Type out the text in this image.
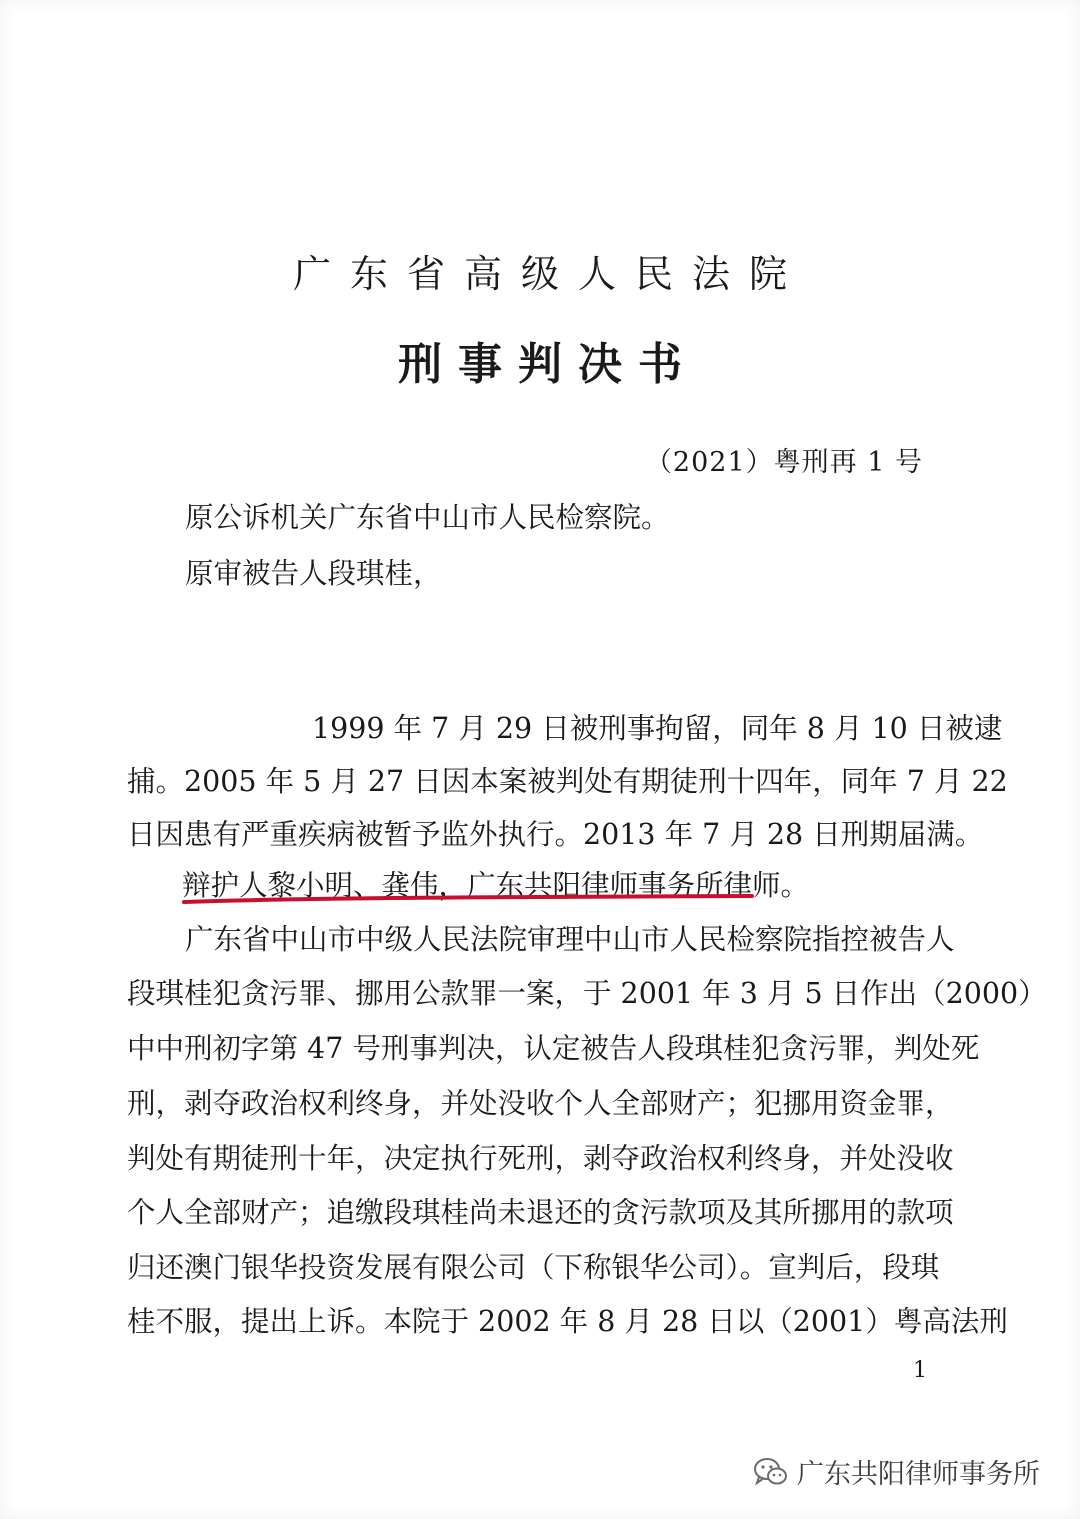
广东省高级人民法院
刑事判决书
（2021）粤刑再 1 号
原公诉机关广东省中山市人民检察院。
原审被告人段琪桂，
1999 年 7 月 29 日被刑事拘留，同年 8 月 10 日被逮
捕。2005 年 5 月 27 日因本案被判处有期徒刑十四年，同年 7 月 22
日因患有严重疾病被暂予监外执行。2013 年 7 月 28 日刑期届满。
辩护人黎小明、龚伟，广东共阳律师事务所律师。
广东省中山市中级人民法院审理中山市人民检察院指控被告人
段琪桂犯贪污罪、挪用公款罪一案，于 2001 年 3 月 5 日作出（2000）
中中刑初字第 47 号刑事判决，认定被告人段琪桂犯贪污罪，判处死
刑，剥夺政治权利终身，并处没收个人全部财产；犯挪用资金罪，
判处有期徒刑十年，决定执行死刑，剥夺政治权利终身，并处没收
个人全部财产；追缴段琪桂尚未退还的贪污款项及其所挪用的款项
归还澳门银华投资发展有限公司（下称银华公司）。宣判后，段琪
桂不服，提出上诉。本院于 2002 年 8 月 28 日以（2001）粤高法刑
1
广东共阳律师事务所
